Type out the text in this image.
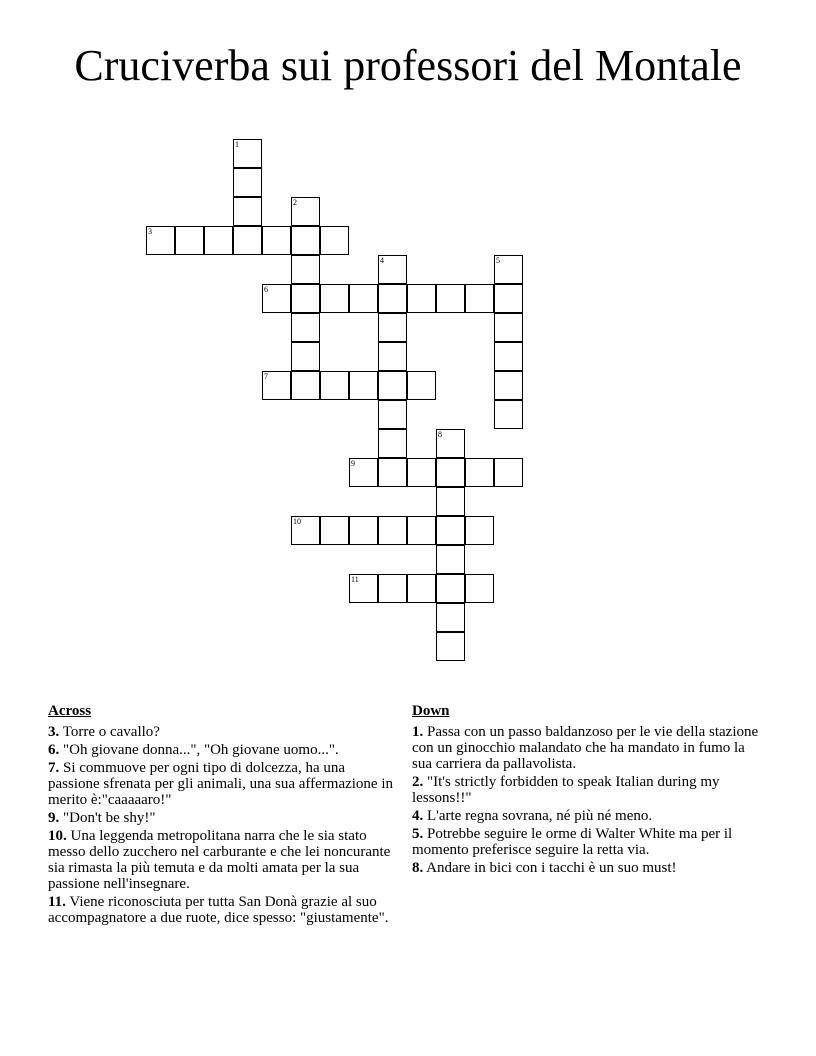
Cruciverba sui professori del Montale
1
2
3
4	5
6
7
8
9
10
11
Across
3. Torre o cavallo?
6. "Oh giovane donna...", "Oh giovane uomo...".
7. Si commuove per ogni tipo di dolcezza, ha una passione sfrenata per gli animali, una sua affermazione in merito è:"caaaaaro!"
9. "Don't be shy!"
10. Una leggenda metropolitana narra che le sia stato messo dello zucchero nel carburante e che lei noncurante sia rimasta la più temuta e da molti amata per la sua passione nell'insegnare.
11. Viene riconosciuta per tutta San Donà grazie al suo accompagnatore a due ruote, dice spesso: "giustamente".
Down
1. Passa con un passo baldanzoso per le vie della stazione con un ginocchio malandato che ha mandato in fumo la sua carriera da pallavolista.
2. "It's strictly forbidden to speak Italian during my lessons!!"
4. L'arte regna sovrana, né più né meno.
5. Potrebbe seguire le orme di Walter White ma per il momento preferisce seguire la retta via.
8. Andare in bici con i tacchi è un suo must!
